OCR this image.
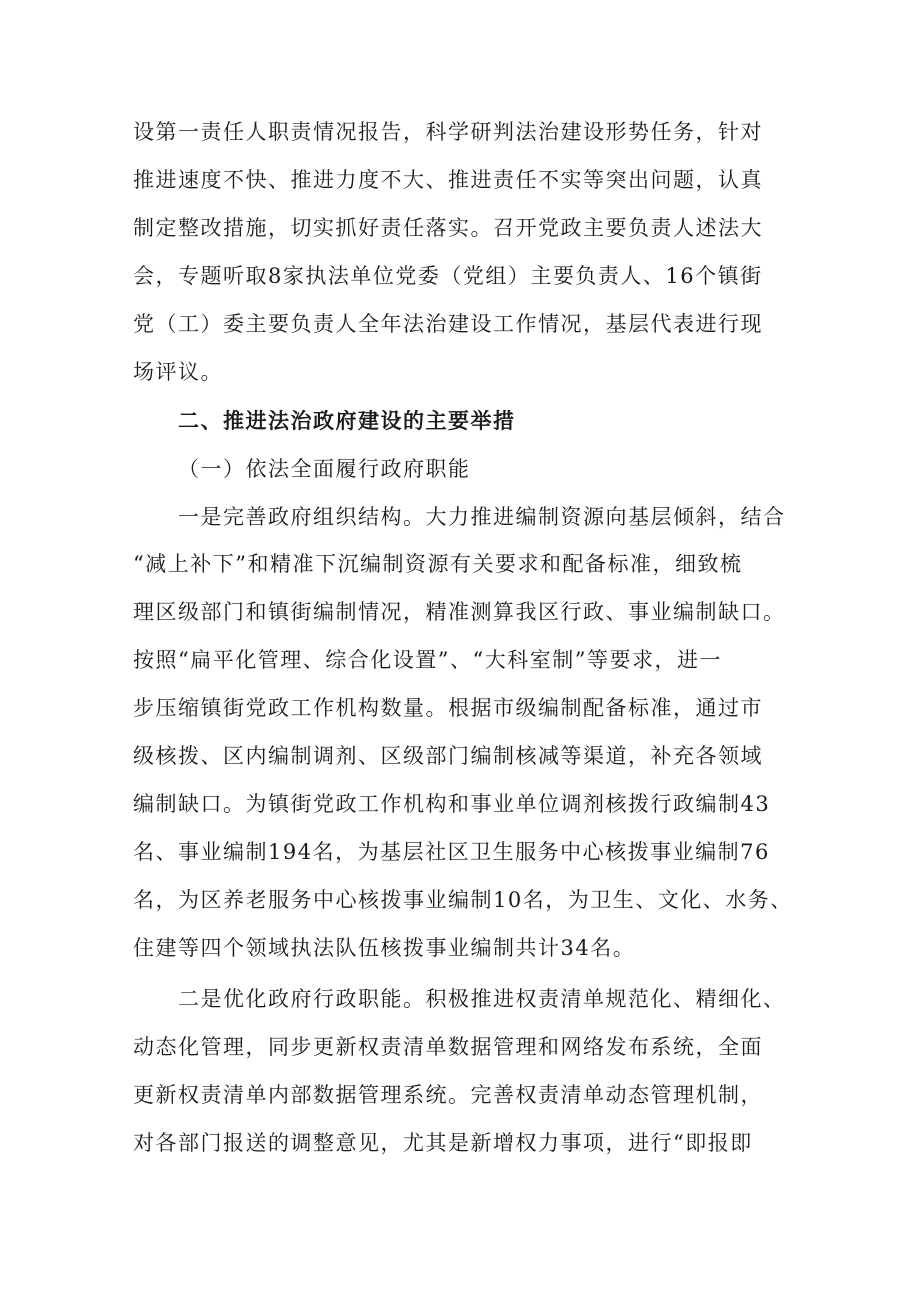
设第一责任人职责情况报告，科学研判法治建设形势任务，针对
推进速度不快、推进力度不大、推进责任不实等突出问题，认真
制定整改措施，切实抓好责任落实。召开党政主要负责人述法大
会，专题听取8家执法单位党委（党组）主要负责人、16个镇街
党（工）委主要负责人全年法治建设工作情况，基层代表进行现
场评议。
二、推进法治政府建设的主要举措
（一）依法全面履行政府职能
一是完善政府组织结构。大力推进编制资源向基层倾斜，结合
“减上补下”和精准下沉编制资源有关要求和配备标准，细致梳
理区级部门和镇街编制情况，精准测算我区行政、事业编制缺口。
按照“扁平化管理、综合化设置”、“大科室制”等要求，进一
步压缩镇街党政工作机构数量。根据市级编制配备标准，通过市
级核拨、区内编制调剂、区级部门编制核减等渠道，补充各领域
编制缺口。为镇街党政工作机构和事业单位调剂核拨行政编制43
名、事业编制194名，为基层社区卫生服务中心核拨事业编制76
名，为区养老服务中心核拨事业编制10名，为卫生、文化、水务、
住建等四个领域执法队伍核拨事业编制共计34名。
二是优化政府行政职能。积极推进权责清单规范化、精细化、
动态化管理，同步更新权责清单数据管理和网络发布系统，全面
更新权责清单内部数据管理系统。完善权责清单动态管理机制，
对各部门报送的调整意见，尤其是新增权力事项，进行“即报即
